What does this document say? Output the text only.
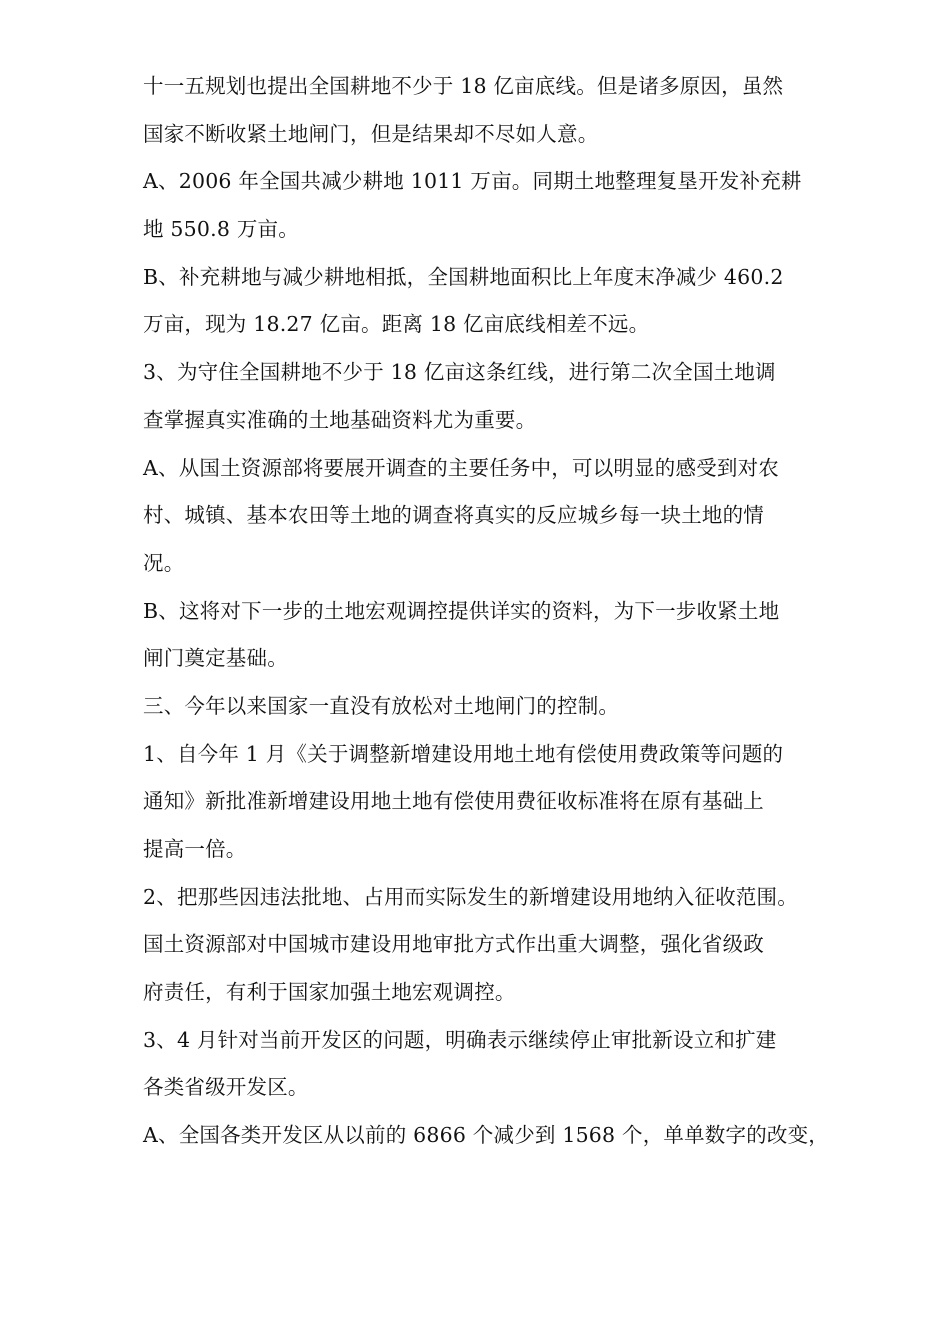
十一五规划也提出全国耕地不少于 18 亿亩底线。但是诸多原因，虽然
国家不断收紧土地闸门，但是结果却不尽如人意。
A、2006 年全国共减少耕地 1011 万亩。同期土地整理复垦开发补充耕
地 550.8 万亩。
B、补充耕地与减少耕地相抵，全国耕地面积比上年度末净减少 460.2
万亩，现为 18.27 亿亩。距离 18 亿亩底线相差不远。
3、为守住全国耕地不少于 18 亿亩这条红线，进行第二次全国土地调
查掌握真实准确的土地基础资料尤为重要。
A、从国土资源部将要展开调查的主要任务中，可以明显的感受到对农
村、城镇、基本农田等土地的调查将真实的反应城乡每一块土地的情
况。
B、这将对下一步的土地宏观调控提供详实的资料，为下一步收紧土地
闸门奠定基础。
三、今年以来国家一直没有放松对土地闸门的控制。
1、自今年 1 月《关于调整新增建设用地土地有偿使用费政策等问题的
通知》新批准新增建设用地土地有偿使用费征收标准将在原有基础上
提高一倍。
2、把那些因违法批地、占用而实际发生的新增建设用地纳入征收范围。
国土资源部对中国城市建设用地审批方式作出重大调整，强化省级政
府责任，有利于国家加强土地宏观调控。
3、4 月针对当前开发区的问题，明确表示继续停止审批新设立和扩建
各类省级开发区。
A、全国各类开发区从以前的 6866 个减少到 1568 个，单单数字的改变，
